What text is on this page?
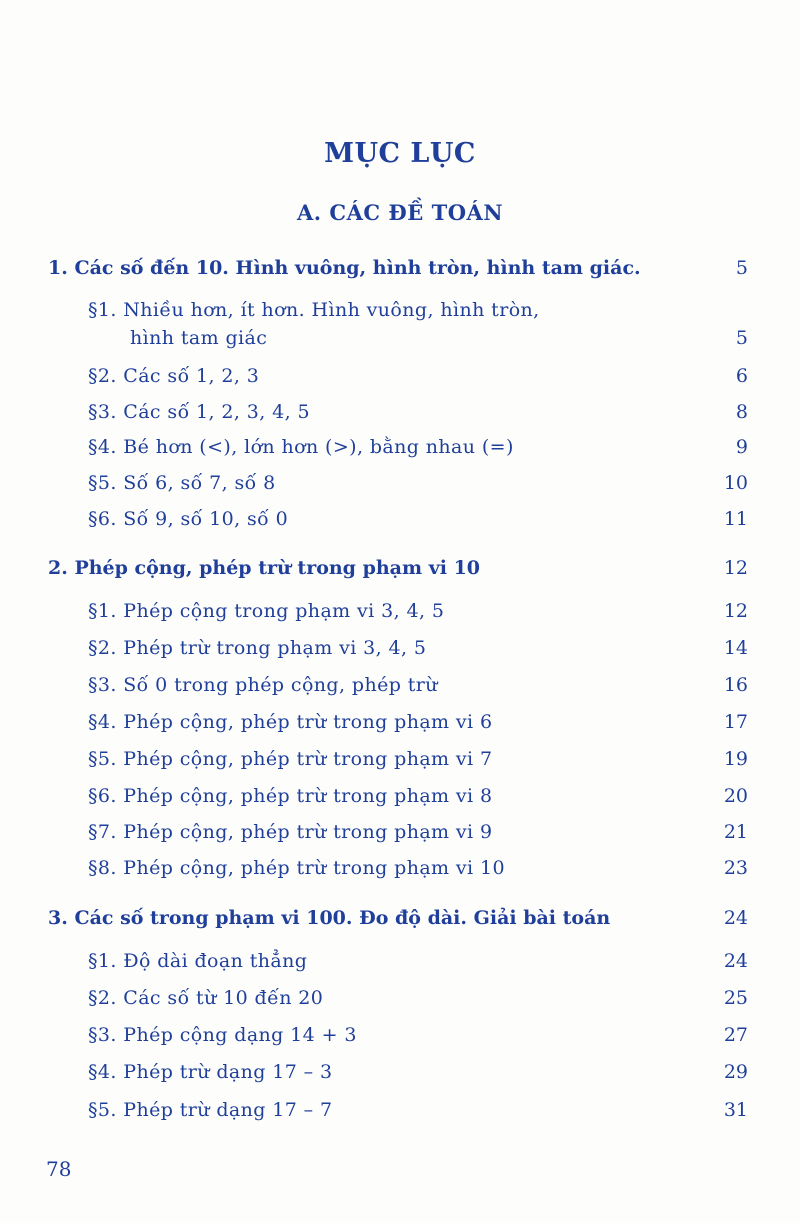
MỤC LỤC
A. CÁC ĐỀ TOÁN
1. Các số đến 10. Hình vuông, hình tròn, hình tam giác.	5
§1. Nhiều hơn, ít hơn. Hình vuông, hình tròn,
hình tam giác	5
§2. Các số 1, 2, 3	6
§3. Các số 1, 2, 3, 4, 5	8
§4. Bé hơn (<), lớn hơn (>), bằng nhau (=)	9
§5. Số 6, số 7, số 8	10
§6. Số 9, số 10, số 0	11
2. Phép cộng, phép trừ trong phạm vi 10	12
§1. Phép cộng trong phạm vi 3, 4, 5	12
§2. Phép trừ trong phạm vi 3, 4, 5	14
§3. Số 0 trong phép cộng, phép trừ	16
§4. Phép cộng, phép trừ trong phạm vi 6	17
§5. Phép cộng, phép trừ trong phạm vi 7	19
§6. Phép cộng, phép trừ trong phạm vi 8	20
§7. Phép cộng, phép trừ trong phạm vi 9	21
§8. Phép cộng, phép trừ trong phạm vi 10	23
3. Các số trong phạm vi 100. Đo độ dài. Giải bài toán	24
§1. Độ dài đoạn thẳng	24
§2. Các số từ 10 đến 20	25
§3. Phép cộng dạng 14 + 3	27
§4. Phép trừ dạng 17 – 3	29
§5. Phép trừ dạng 17 – 7	31
78
